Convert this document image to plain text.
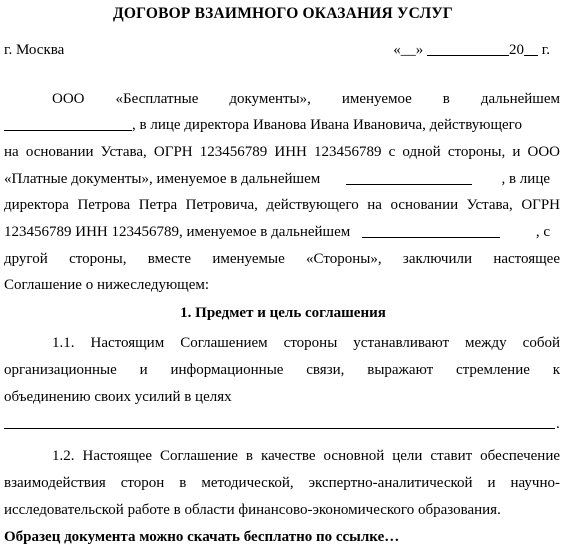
ДОГОВОР ВЗАИМНОГО ОКАЗАНИЯ УСЛУГ
г. Москва	«__»	20 г.
ООО «Бесплатные документы», именуемое в дальнейшем
, в лице директора Иванова Ивана Ивановича, действующего
на основании Устава, ОГРН 123456789 ИНН 123456789 с одной стороны, и ООО
«Платные документы», именуемое в дальнейшем	, в лице
директора Петрова Петра Петровича, действующего на основании Устава, ОГРН
123456789 ИНН 123456789, именуемое в дальнейшем	, с
другой стороны, вместе именуемые «Стороны», заключили настоящее
Соглашение о нижеследующем:
1. Предмет и цель соглашения
1.1. Настоящим Соглашением стороны устанавливают между собой
организационные и информационные связи, выражают стремление к
объединению своих усилий в целях
.
1.2. Настоящее Соглашение в качестве основной цели ставит обеспечение
взаимодействия сторон в методической, экспертно-аналитической и научно-
исследовательской работе в области финансово-экономического образования.
Образец документа можно скачать бесплатно по ссылке…
